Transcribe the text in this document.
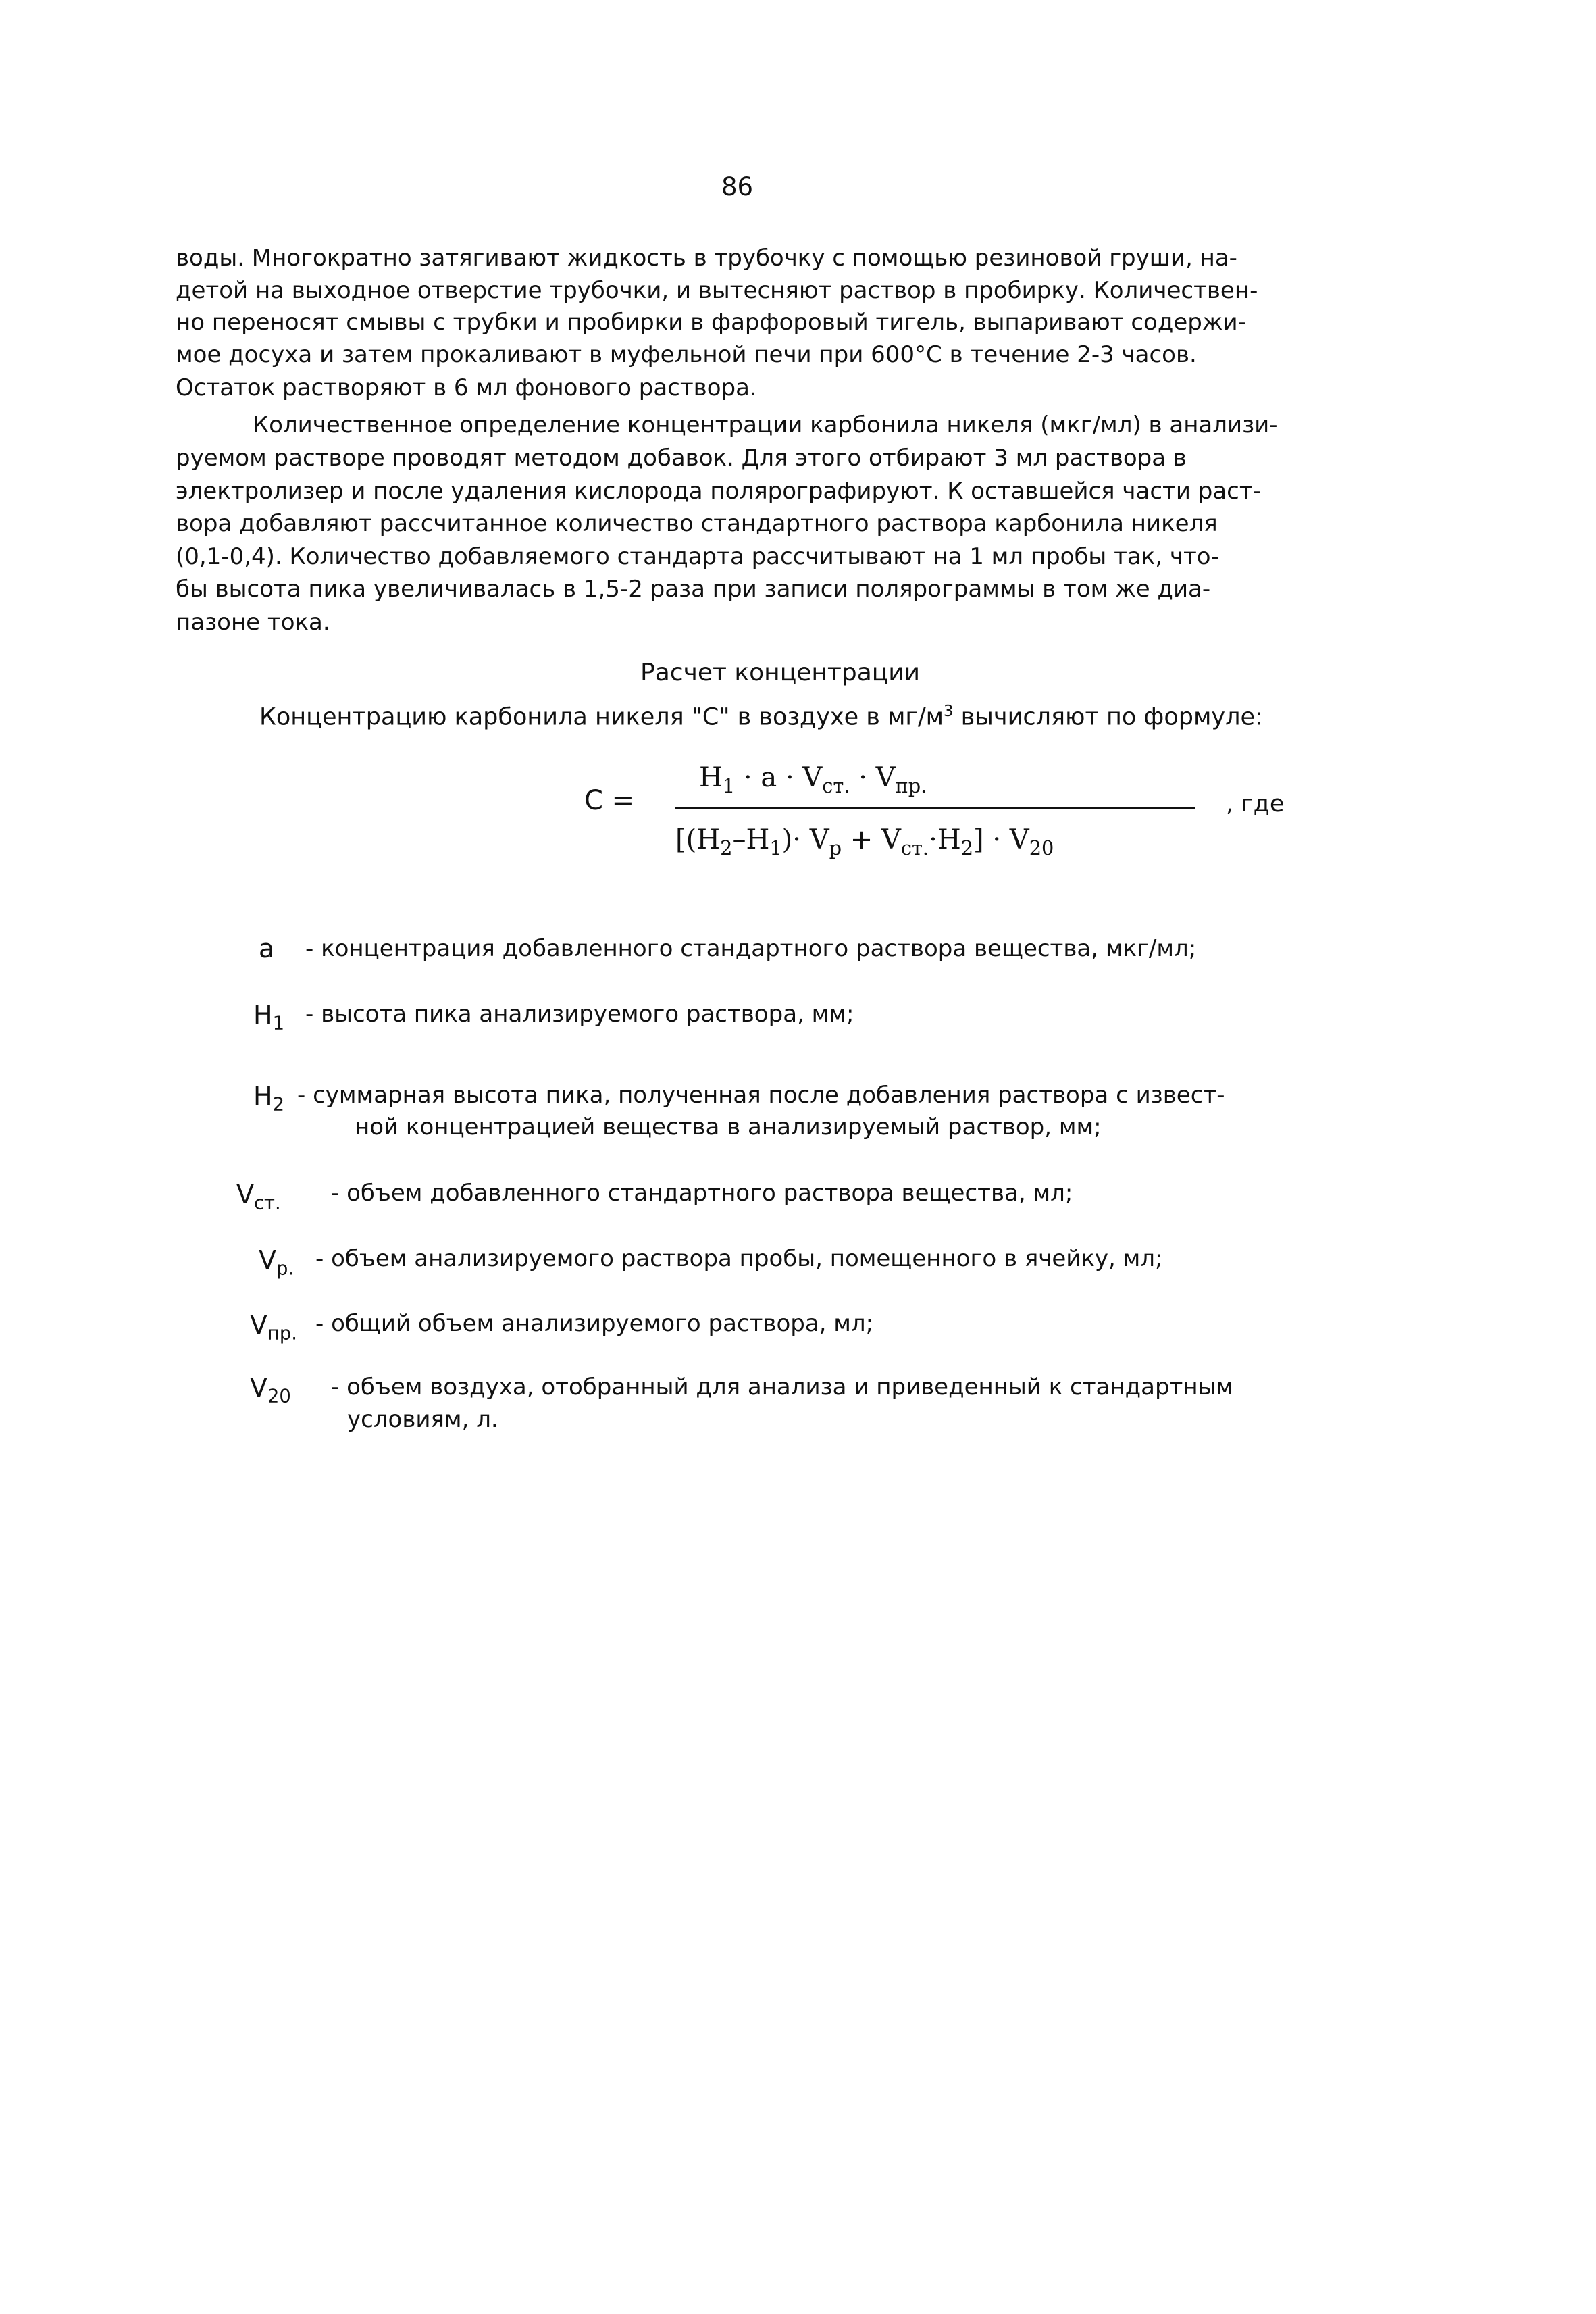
86
воды. Многократно затягивают жидкость в трубочку с помощью резиновой груши, на-
детой на выходное отверстие трубочки, и вытесняют раствор в пробирку. Количествен-
но переносят смывы с трубки и пробирки в фарфоровый тигель, выпаривают содержи-
мое досуха и затем прокаливают в муфельной печи при 600°С в течение 2-3 часов.
Остаток растворяют в 6 мл фонового раствора.
Количественное определение концентрации карбонила никеля (мкг/мл) в анализи-
руемом растворе проводят методом добавок. Для этого отбирают 3 мл раствора в
электролизер и после удаления кислорода полярографируют. К оставшейся части раст-
вора добавляют рассчитанное количество стандартного раствора карбонила никеля
(0,1-0,4). Количество добавляемого стандарта рассчитывают на 1 мл пробы так, что-
бы высота пика увеличивалась в 1,5-2 раза при записи полярограммы в том же диа-
пазоне тока.
Расчет концентрации
Концентрацию карбонила никеля "С" в воздухе в $мг/м^3$ вычисляют по формуле:
С =
$H_1 \cdot a \cdot V_{ст.} \cdot V_{пр.}$
$[(H_2-H_1)\cdot V_p + V_{ст.}\cdot H_2] \cdot V_{20}$
, где
a - концентрация добавленного стандартного раствора вещества, мкг/мл;
$H_1$ - высота пика анализируемого раствора, мм;
$H_2$ - суммарная высота пика, полученная после добавления раствора с извест-
ной концентрацией вещества в анализируемый раствор, мм;
$V_{ст.}$ - объем добавленного стандартного раствора вещества, мл;
$V_{p.}$ - объем анализируемого раствора пробы, помещенного в ячейку, мл;
$V_{пр.}$ - общий объем анализируемого раствора, мл;
$V_{20}$ - объем воздуха, отобранный для анализа и приведенный к стандартным
условиям, л.
